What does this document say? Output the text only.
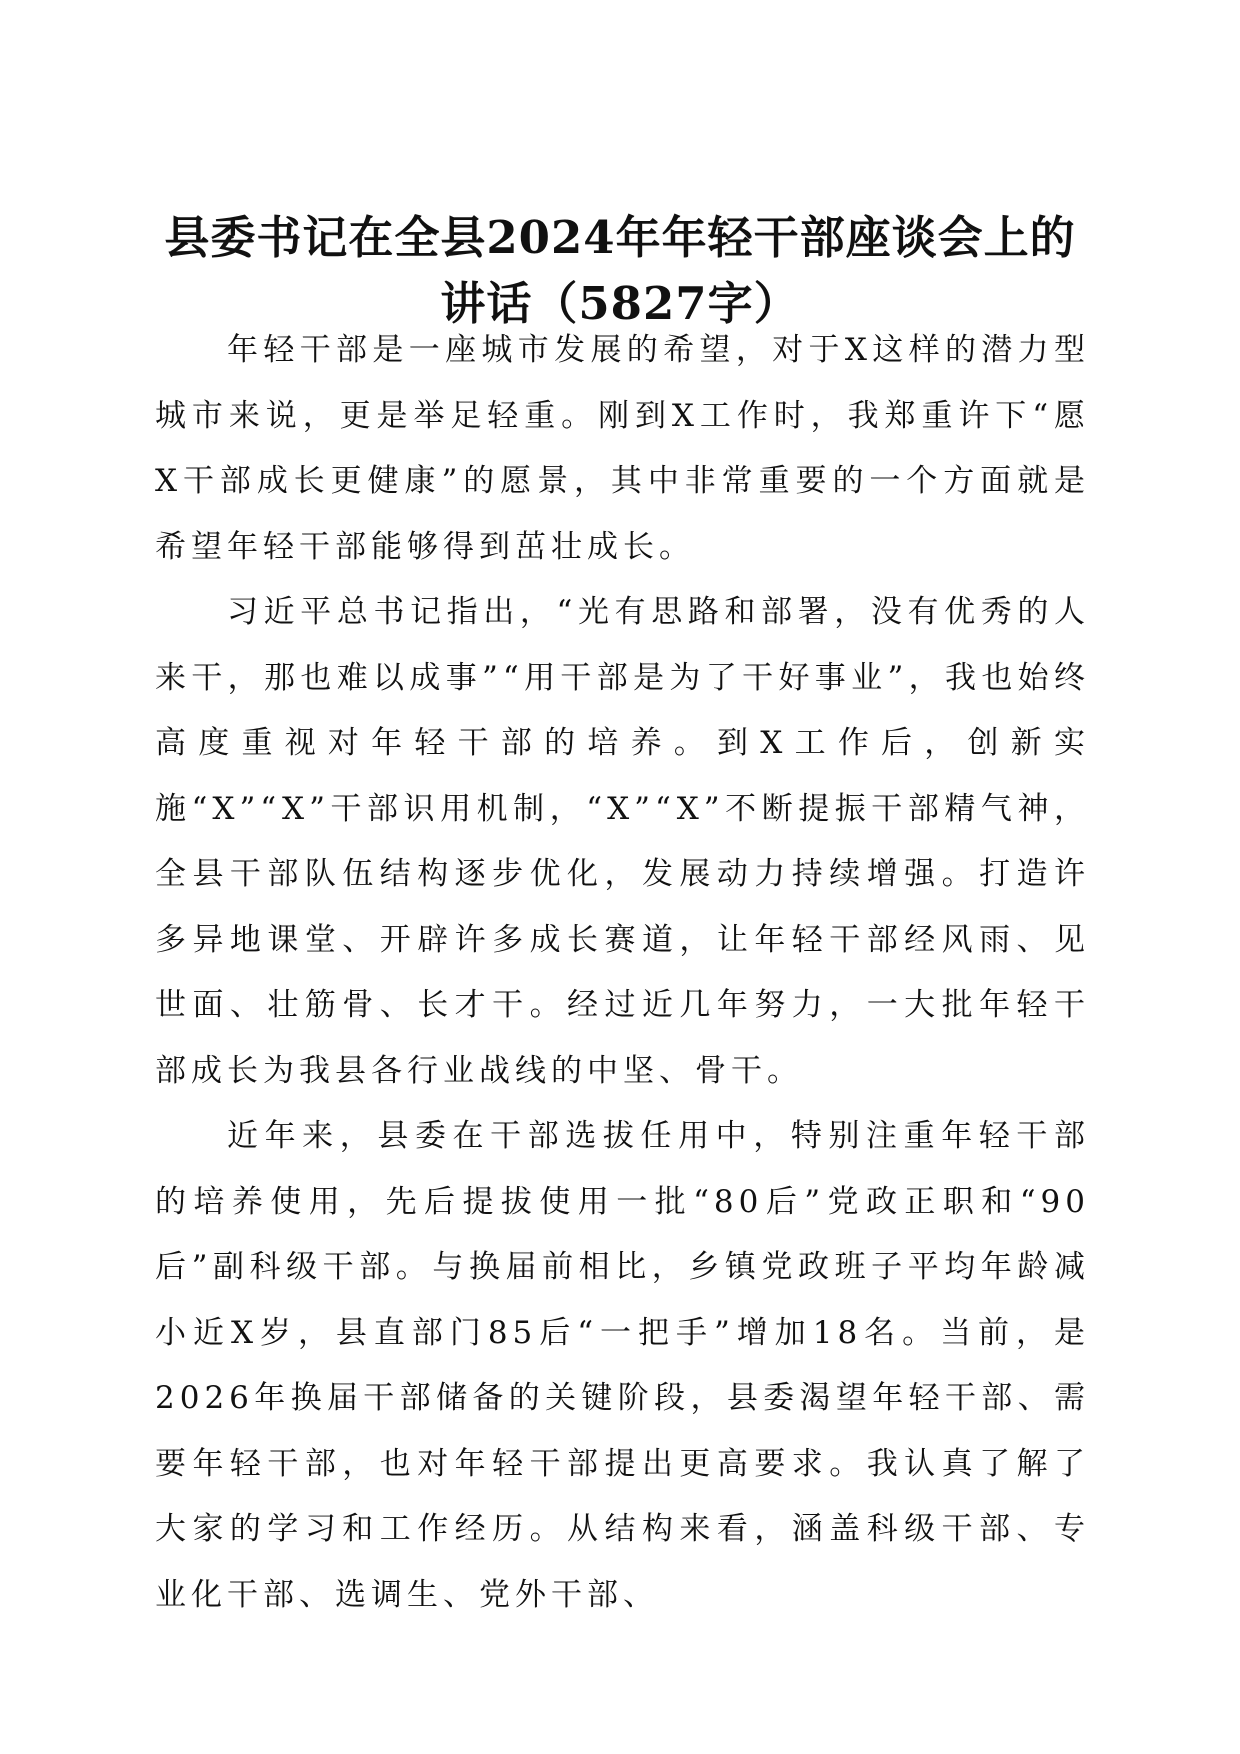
县委书记在全县2024年年轻干部座谈会上的
讲话（5827字）

年轻干部是一座城市发展的希望，对于X这样的潜力型城市来说，更是举足轻重。刚到X工作时，我郑重许下“愿X干部成长更健康”的愿景，其中非常重要的一个方面就是希望年轻干部能够得到茁壮成长。

习近平总书记指出，“光有思路和部署，没有优秀的人来干，那也难以成事”“用干部是为了干好事业”，我也始终高度重视对年轻干部的培养。到X工作后，创新实施“X”“X”干部识用机制，“X”“X”不断提振干部精气神，全县干部队伍结构逐步优化，发展动力持续增强。打造许多异地课堂、开辟许多成长赛道，让年轻干部经风雨、见世面、壮筋骨、长才干。经过近几年努力，一大批年轻干部成长为我县各行业战线的中坚、骨干。

近年来，县委在干部选拔任用中，特别注重年轻干部的培养使用，先后提拔使用一批“80后”党政正职和“90后”副科级干部。与换届前相比，乡镇党政班子平均年龄减小近X岁，县直部门85后“一把手”增加18名。当前，是2026年换届干部储备的关键阶段，县委渴望年轻干部、需要年轻干部，也对年轻干部提出更高要求。我认真了解了大家的学习和工作经历。从结构来看，涵盖科级干部、专业化干部、选调生、党外干部、
